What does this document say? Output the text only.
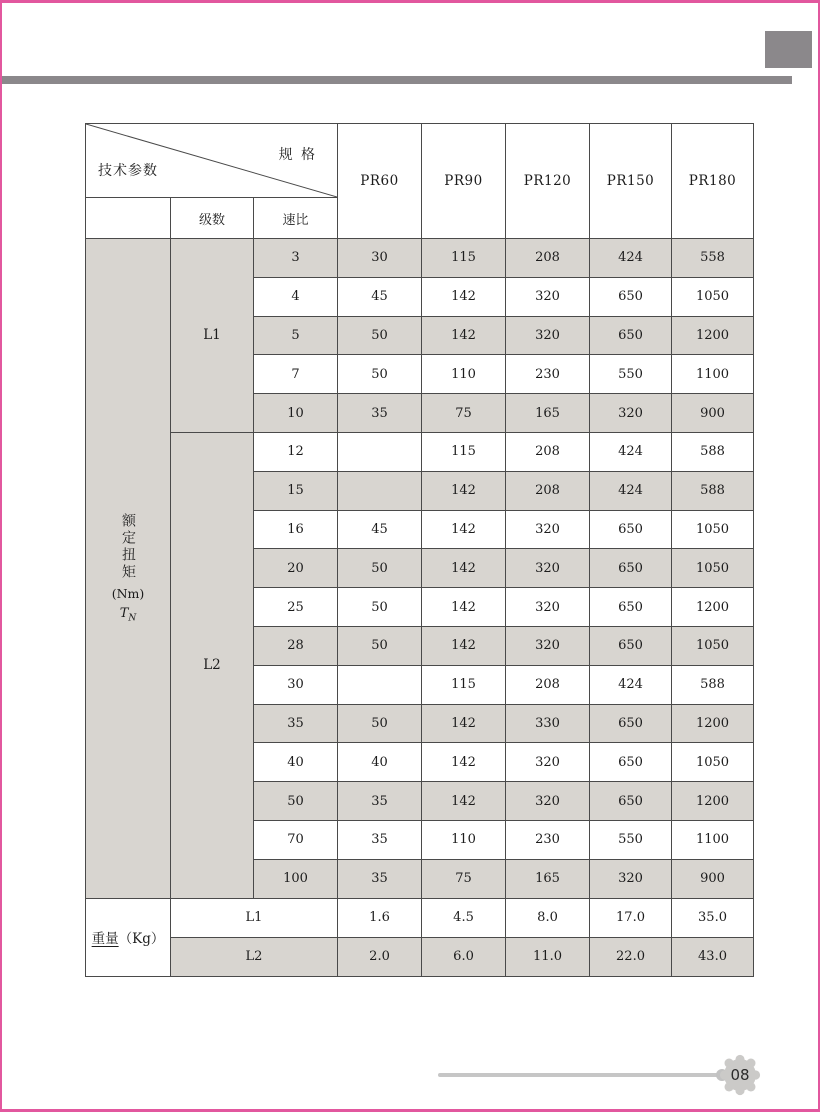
技术参数
规 格			PR60	PR90	PR120	PR150	PR180
	级数	速比					

额定扭矩
(Nm)
$T_N$	L1	3	30	115	208	424	558
		4	45	142	320	650	1050
		5	50	142	320	650	1200
		7	50	110	230	550	1100
		10	35	75	165	320	900
	L2	12		115	208	424	588
		15		142	208	424	588
		16	45	142	320	650	1050
		20	50	142	320	650	1050
		25	50	142	320	650	1200
		28	50	142	320	650	1050
		30		115	208	424	588
		35	50	142	330	650	1200
		40	40	142	320	650	1050
		50	35	142	320	650	1200
		70	35	110	230	550	1100
		100	35	75	165	320	900
重量（Kg）	L1		1.6	4.5	8.0	17.0	35.0
	L2		2.0	6.0	11.0	22.0	43.0
08
